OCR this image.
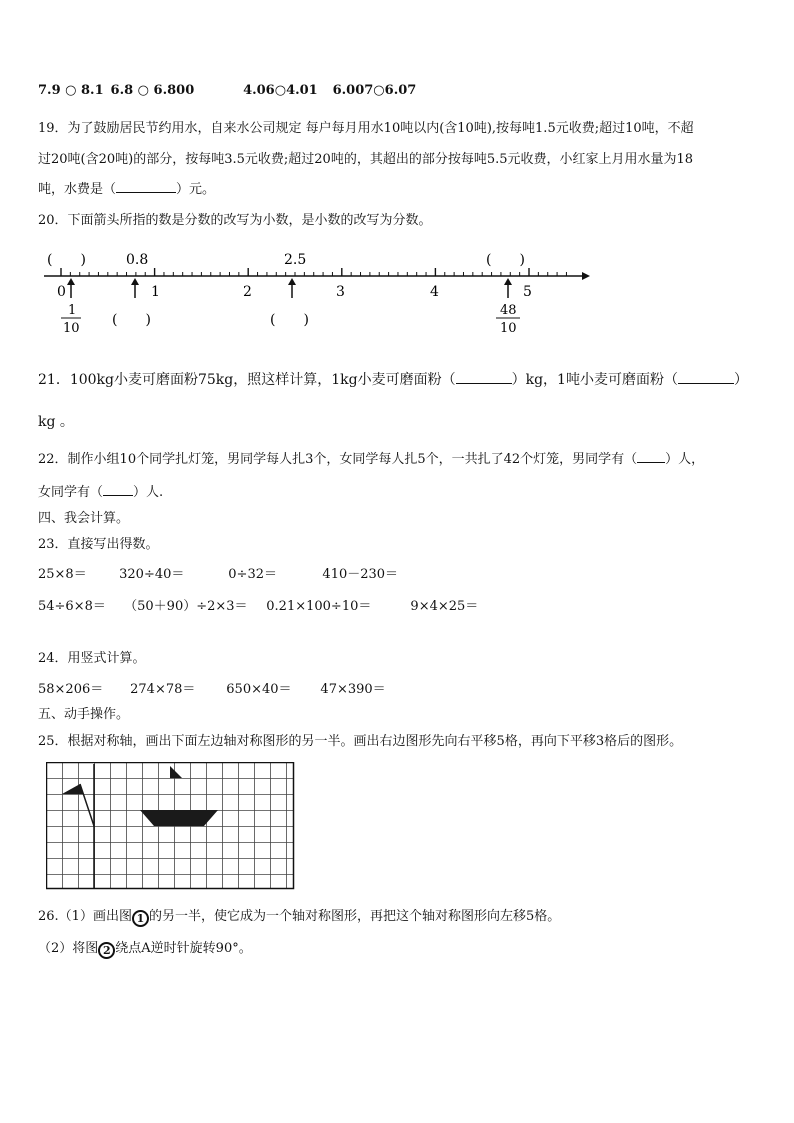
7.9 ○ 8.1 6.8 ○ 6.800	4.06○4.01 6.007○6.07
19．为了鼓励居民节约用水，自来水公司规定 每户每月用水10吨以内(含10吨),按每吨1.5元收费;超过10吨，不超
过20吨(含20吨)的部分，按每吨3.5元收费;超过20吨的，其超出的部分按每吨5.5元收费，小红家上月用水量为18
吨，水费是（	）元。
20．下面箭头所指的数是分数的改写为小数，是小数的改写为分数。
(　　)	0.8	2.5	(　　)
0	1	2	3	4	5
1
10
(　　)	(　　)
48
10
21．100kg小麦可磨面粉75kg，照这样计算，1kg小麦可磨面粉（	）kg，1吨小麦可磨面粉（	）
kg 。
22．制作小组10个同学扎灯笼，男同学每人扎3个，女同学每人扎5个，一共扎了42个灯笼，男同学有（ ）人，
女同学有（ ）人.
四、我会计算。
23．直接写出得数。
25×8＝ 320÷40＝	0÷32＝	410－230＝
54÷6×8＝ （50＋90）÷2×3＝ 0.21×100÷10＝	9×4×25＝
24．用竖式计算。
58×206＝ 274×78＝ 650×40＝ 47×390＝
五、动手操作。
25．根据对称轴，画出下面左边轴对称图形的另一半。画出右边图形先向右平移5格，再向下平移3格后的图形。
26.（1）画出图 1 的另一半，使它成为一个轴对称图形，再把这个轴对称图形向左移5格。
（2）将图 2 绕点A逆时针旋转90°。
